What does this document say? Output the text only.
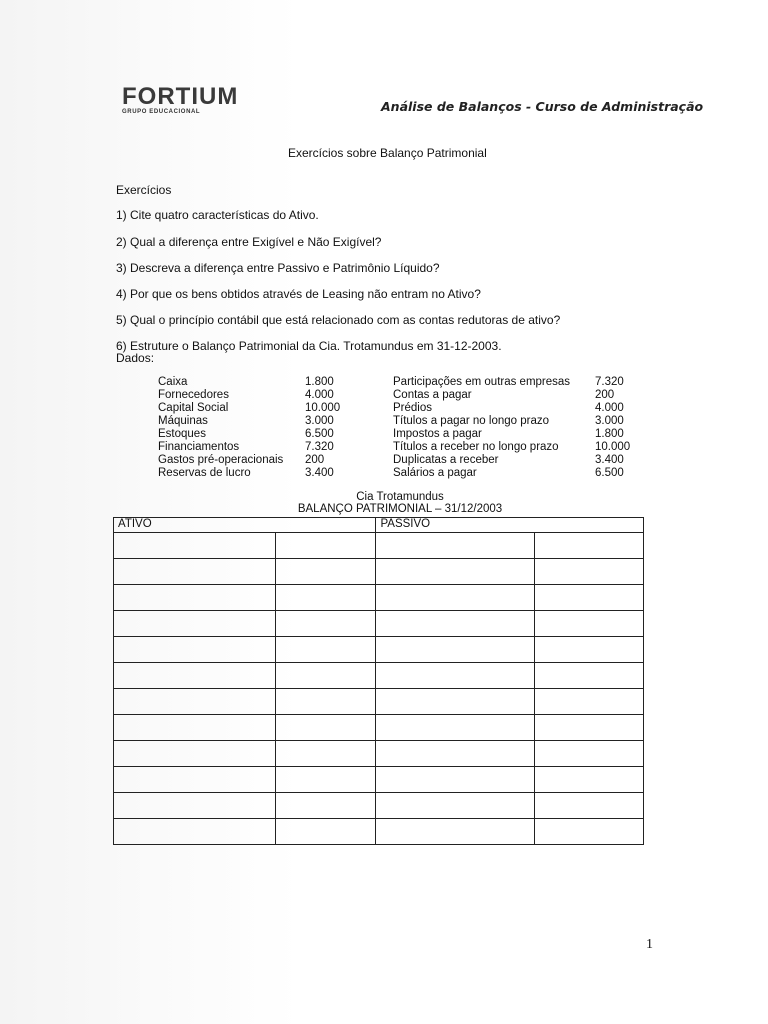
FORTIUM
GRUPO EDUCACIONAL	Análise de Balanços - Curso de Administração
Exercícios sobre Balanço Patrimonial
Exercícios
1) Cite quatro características do Ativo.
2) Qual a diferença entre Exigível e Não Exigível?
3) Descreva a diferença entre Passivo e Patrimônio Líquido?
4) Por que os bens obtidos através de Leasing não entram no Ativo?
5) Qual o princípio contábil que está relacionado com as contas redutoras de ativo?
6) Estruture o Balanço Patrimonial da Cia. Trotamundus em 31-12-2003.
Dados:
Caixa	1.800	Participações em outras empresas 7.320
Fornecedores	4.000	Contas a pagar	200
Capital Social	10.000	Prédios	4.000
Máquinas	3.000	Títulos a pagar no longo prazo	3.000
Estoques	6.500	Impostos a pagar	1.800
Financiamentos	7.320	Títulos a receber no longo prazo	10.000
Gastos pré-operacionais 200	Duplicatas a receber	3.400
Reservas de lucro	3.400	Salários a pagar	6.500
Cia Trotamundus
BALANÇO PATRIMONIAL – 31/12/2003
ATIVO		PASSIVO	

1
